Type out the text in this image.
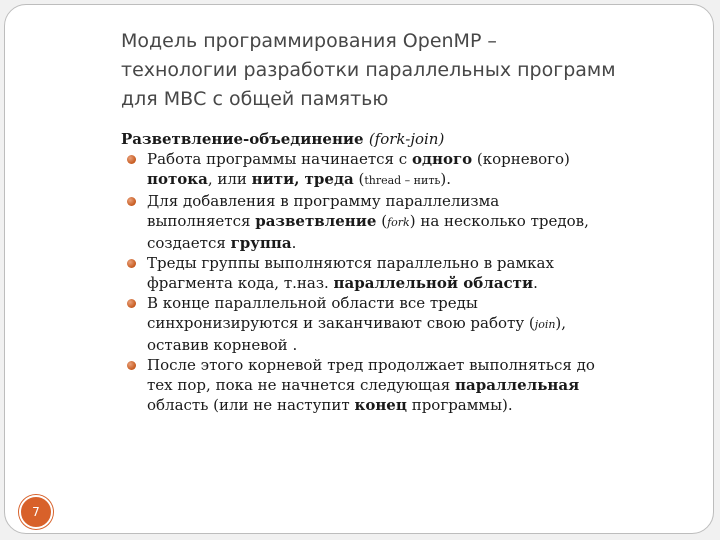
Модель программирования OpenMP –
технологии разработки параллельных программ
для МВС с общей памятью
Разветвление-объединение (fork-join)
Работа программы начинается с одного (корневого)
потока, или нити, треда (thread – нить).
Для добавления в программу параллелизма
выполняется разветвление (fork) на несколько тредов,
создается группа.
Треды группы выполняются параллельно в рамках
фрагмента кода, т.наз. параллельной области.
В конце параллельной области все треды
синхронизируются и заканчивают свою работу (join),
оставив корневой .
После этого корневой тред продолжает выполняться до
тех пор, пока не начнется следующая параллельная
область (или не наступит конец программы).
7
